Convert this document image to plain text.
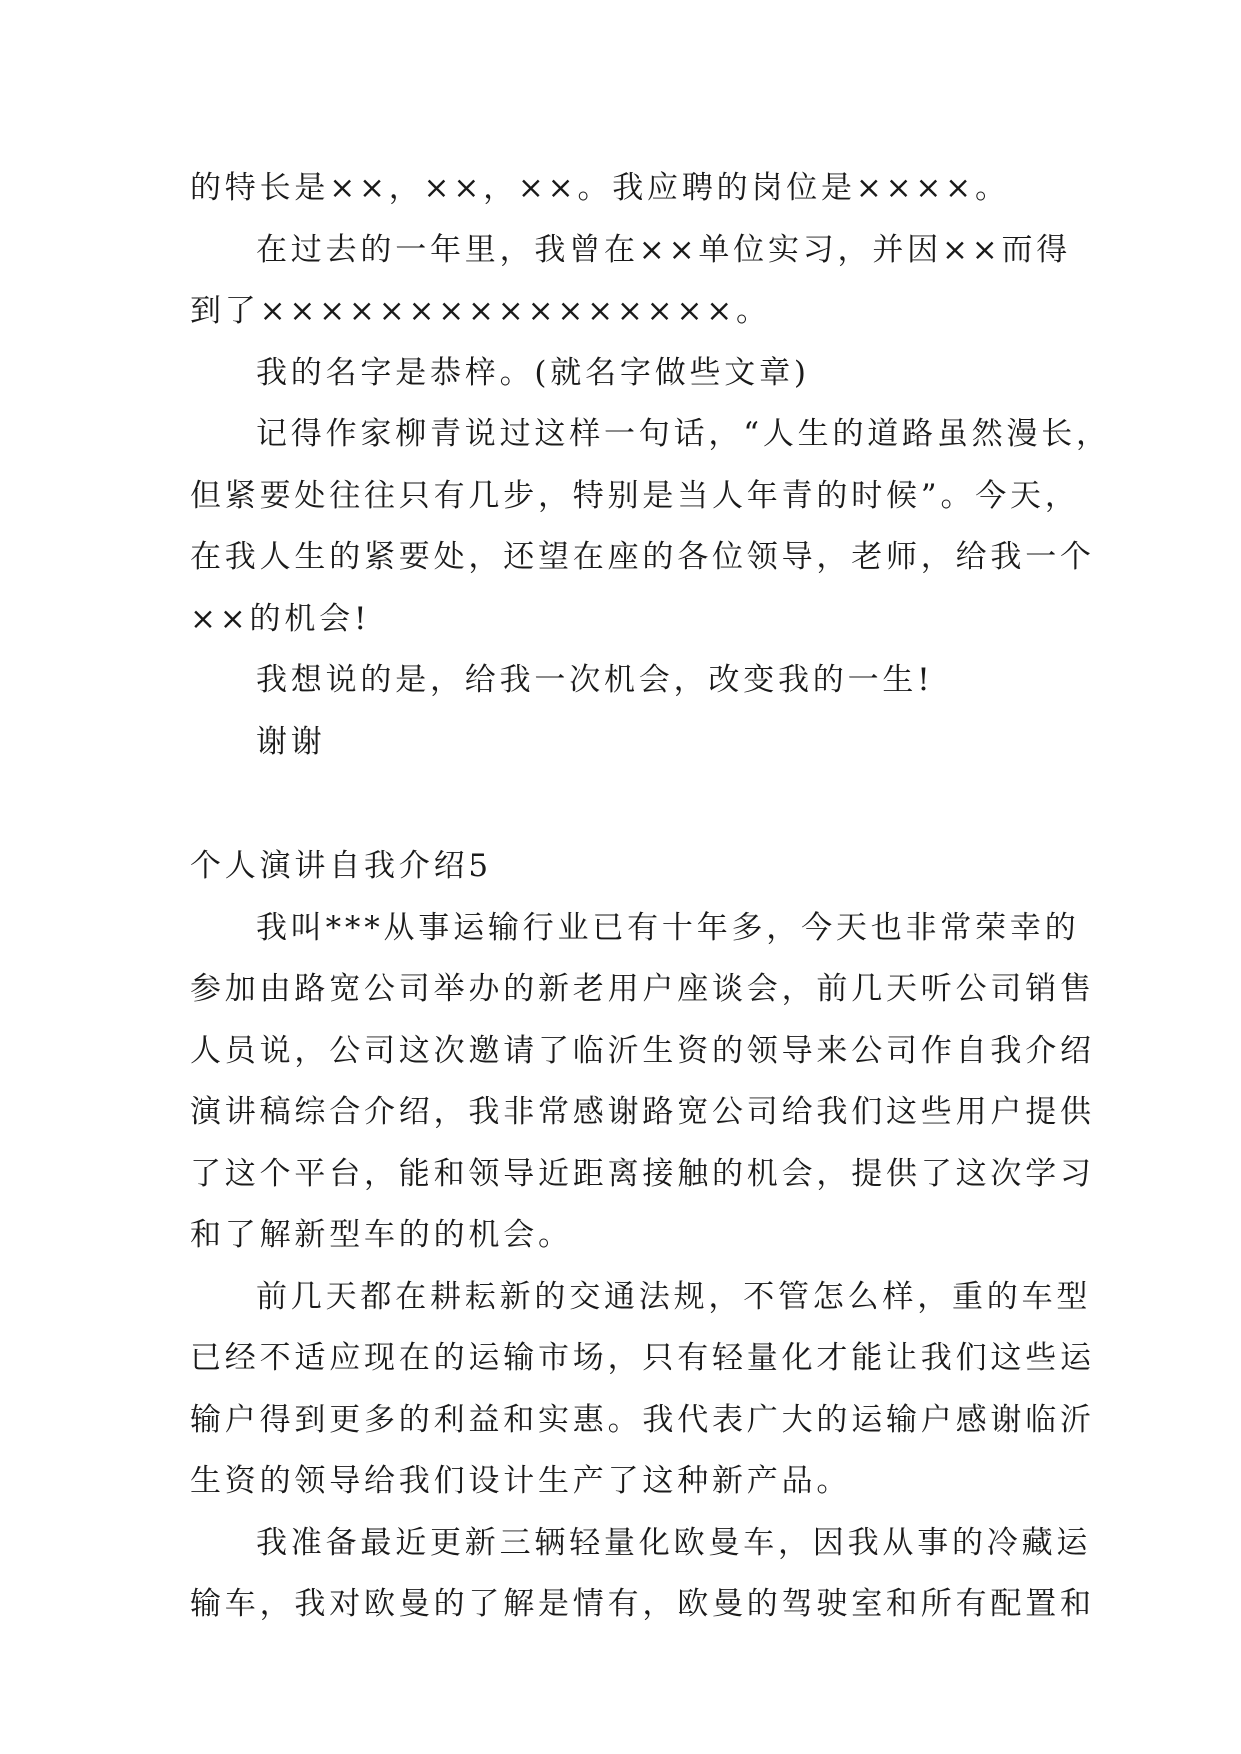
的特长是××，××，××。我应聘的岗位是××××。
在过去的一年里，我曾在××单位实习，并因××而得
到了××××××××××××××××。
我的名字是恭梓。(就名字做些文章)
记得作家柳青说过这样一句话，“人生的道路虽然漫长，
但紧要处往往只有几步，特别是当人年青的时候”。今天，
在我人生的紧要处，还望在座的各位领导，老师，给我一个
××的机会!
我想说的是，给我一次机会，改变我的一生!
谢谢
个人演讲自我介绍5
我叫***从事运输行业已有十年多，今天也非常荣幸的
参加由路宽公司举办的新老用户座谈会，前几天听公司销售
人员说，公司这次邀请了临沂生资的领导来公司作自我介绍
演讲稿综合介绍，我非常感谢路宽公司给我们这些用户提供
了这个平台，能和领导近距离接触的机会，提供了这次学习
和了解新型车的的机会。
前几天都在耕耘新的交通法规，不管怎么样，重的车型
已经不适应现在的运输市场，只有轻量化才能让我们这些运
输户得到更多的利益和实惠。我代表广大的运输户感谢临沂
生资的领导给我们设计生产了这种新产品。
我准备最近更新三辆轻量化欧曼车，因我从事的冷藏运
输车，我对欧曼的了解是情有，欧曼的驾驶室和所有配置和
